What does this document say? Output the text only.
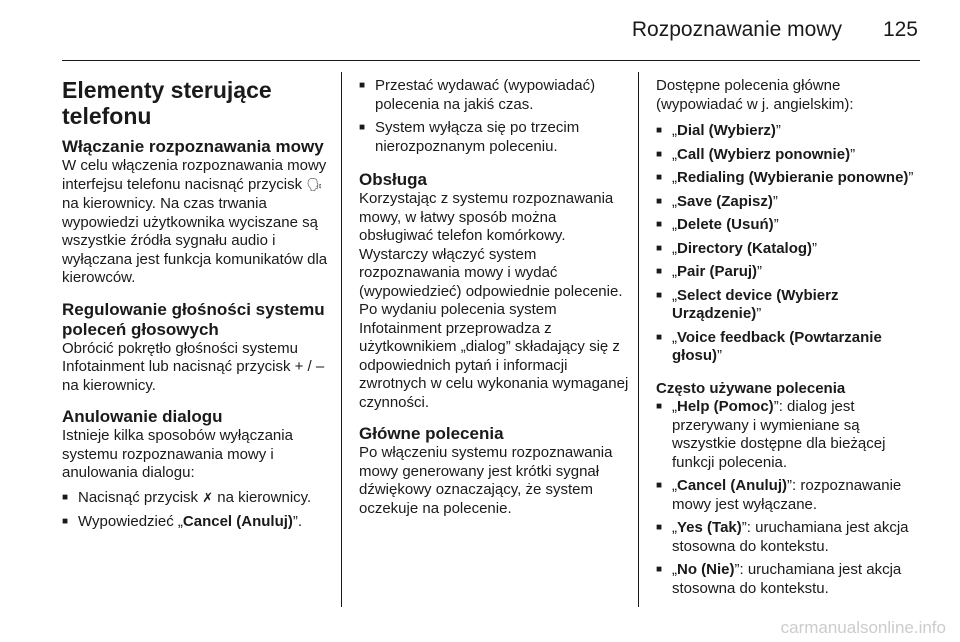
Rozpoznawanie mowy 125
Elementy sterujące telefonu
Włączanie rozpoznawania mowy

W celu włączenia rozpoznawania mowy interfejsu telefonu nacisnąć przycisk 🗣︎ na kierownicy. Na czas trwania wypowiedzi użytkownika wyciszane są wszystkie źródła sygnału audio i wyłączana jest funkcja komunikatów dla kierowców.

Regulowanie głośności systemu poleceń głosowych

Obrócić pokrętło głośności systemu Infotainment lub nacisnąć przycisk + / – na kierownicy.

Anulowanie dialogu

Istnieje kilka sposobów wyłączania systemu rozpoznawania mowy i anulowania dialogu:

■ Nacisnąć przycisk ✗ na kierownicy.
■ Wypowiedzieć „Cancel (Anuluj)”.
■ Przestać wydawać (wypowiadać) polecenia na jakiś czas.
■ System wyłącza się po trzecim nierozpoznanym poleceniu.
Obsługa

Korzystając z systemu rozpoznawania mowy, w łatwy sposób można obsługiwać telefon komórkowy. Wystarczy włączyć system rozpoznawania mowy i wydać (wypowiedzieć) odpowiednie polecenie. Po wydaniu polecenia system Infotainment przeprowadza z użytkownikiem „dialog” składający się z odpowiednich pytań i informacji zwrotnych w celu wykonania wymaganej czynności.

Główne polecenia

Po włączeniu systemu rozpoznawania mowy generowany jest krótki sygnał dźwiękowy oznaczający, że system oczekuje na polecenie.

Dostępne polecenia główne (wypowiadać w j. angielskim):

■ „Dial (Wybierz)”
■ „Call (Wybierz ponownie)”
■ „Redialing (Wybieranie ponowne)”
■ „Save (Zapisz)”
■ „Delete (Usuń)”
■ „Directory (Katalog)”
■ „Pair (Paruj)”
■ „Select device (Wybierz Urządzenie)”
■ „Voice feedback (Powtarzanie głosu)”
Często używane polecenia
■ „Help (Pomoc)”: dialog jest przerywany i wymieniane są wszystkie dostępne dla bieżącej funkcji polecenia.
■ „Cancel (Anuluj)”: rozpoznawanie mowy jest wyłączane.
■ „Yes (Tak)”: uruchamiana jest akcja stosowna do kontekstu.
■ „No (Nie)”: uruchamiana jest akcja stosowna do kontekstu.
carmanualsonline.info
